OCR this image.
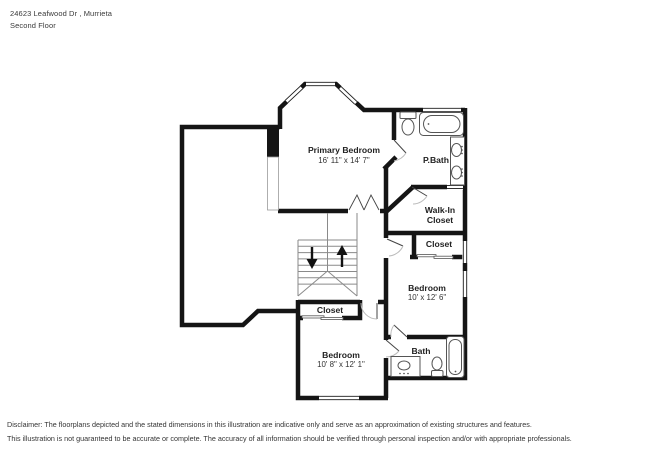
24623 Leafwood Dr , Murrieta
Second Floor
Primary Bedroom
16' 11" x 14' 7"	P.Bath
Walk-In
Closet
Closet
Bedroom
10' x 12' 6"
Bath
Closet
Bedroom
10' 8" x 12' 1"
Disclaimer: The floorplans depicted and the stated dimensions in this illustration are indicative only and serve as an approximation of existing structures and features.
This illustration is not guaranteed to be accurate or complete. The accuracy of all information should be verified through personal inspection and/or with appropriate professionals.
